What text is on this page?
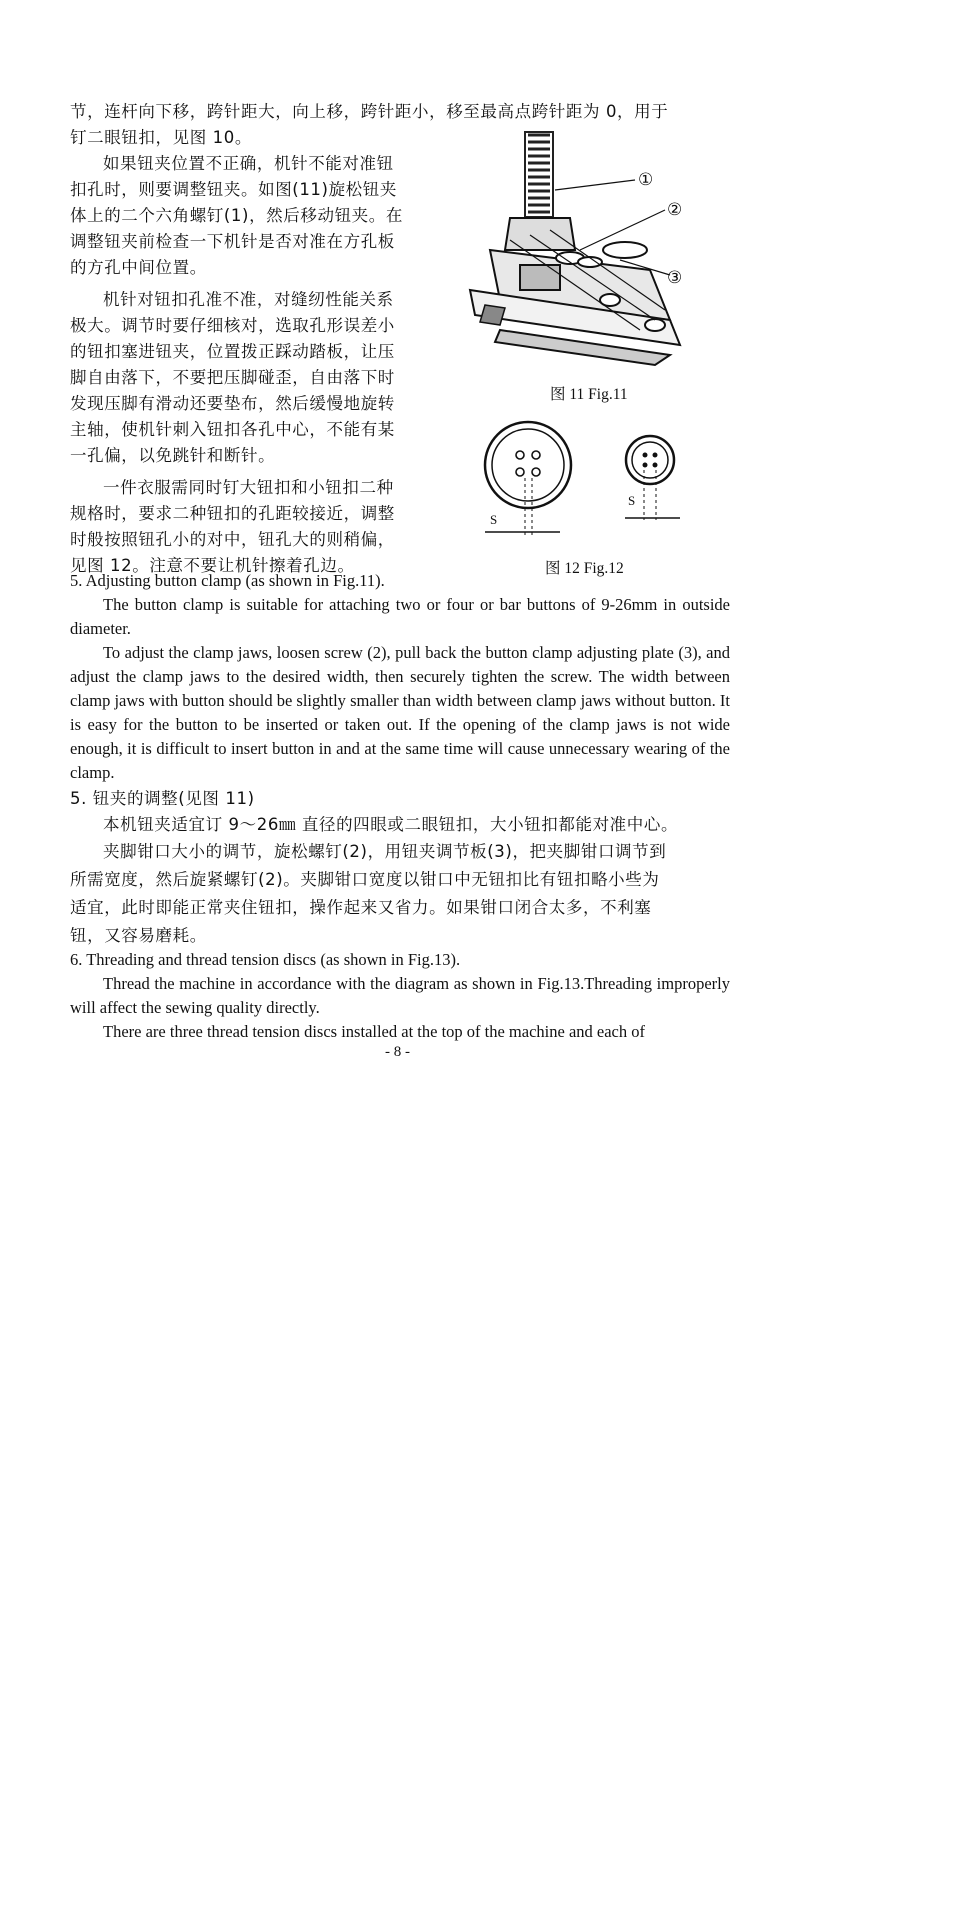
节，连杆向下移，跨针距大，向上移，跨针距小，移至最高点跨针距为 0，用于
钉二眼钮扣，见图 10。

如果钮夹位置不正确，机针不能对准钮

扣孔时，则要调整钮夹。如图(11)旋松钮夹

体上的二个六角螺钉(1)，然后移动钮夹。在

调整钮夹前检查一下机针是否对准在方孔板

的方孔中间位置。

机针对钮扣孔准不准，对缝纫性能关系

极大。调节时要仔细核对，选取孔形误差小

的钮扣塞进钮夹，位置拨正踩动踏板，让压

脚自由落下，不要把压脚碰歪，自由落下时

发现压脚有滑动还要垫布，然后缓慢地旋转

主轴，使机针刺入钮扣各孔中心，不能有某

一孔偏，以免跳针和断针。

一件衣服需同时钉大钮扣和小钮扣二种

规格时，要求二种钮扣的孔距较接近，调整

时般按照钮孔小的对中，钮孔大的则稍偏，

见图 12。注意不要让机针擦着孔边。

①
②
③
图 11 Fig.11
S
S
图 12 Fig.12
5. Adjusting button clamp (as shown in Fig.11).

The button clamp is suitable for attaching two or four or bar buttons of 9-26mm in outside diameter.

To adjust the clamp jaws, loosen screw (2), pull back the button clamp adjusting plate (3), and adjust the clamp jaws to the desired width, then securely tighten the screw. The width between clamp jaws with button should be slightly smaller than width between clamp jaws without button. It is easy for the button to be inserted or taken out. If the opening of the clamp jaws is not wide enough, it is difficult to insert button in and at the same time will cause unnecessary wearing of the clamp.

5. 钮夹的调整(见图 11)
本机钮夹适宜订 9～26㎜ 直径的四眼或二眼钮扣，大小钮扣都能对准中心。

夹脚钳口大小的调节，旋松螺钉(2)，用钮夹调节板(3)，把夹脚钳口调节到

所需宽度，然后旋紧螺钉(2)。夹脚钳口宽度以钳口中无钮扣比有钮扣略小些为

适宜，此时即能正常夹住钮扣，操作起来又省力。如果钳口闭合太多，不利塞

钮，又容易磨耗。

6. Threading and thread tension discs (as shown in Fig.13).

Thread the machine in accordance with the diagram as shown in Fig.13.Threading improperly will affect the sewing quality directly.

There are three thread tension discs installed at the top of the machine and each of

- 8 -
